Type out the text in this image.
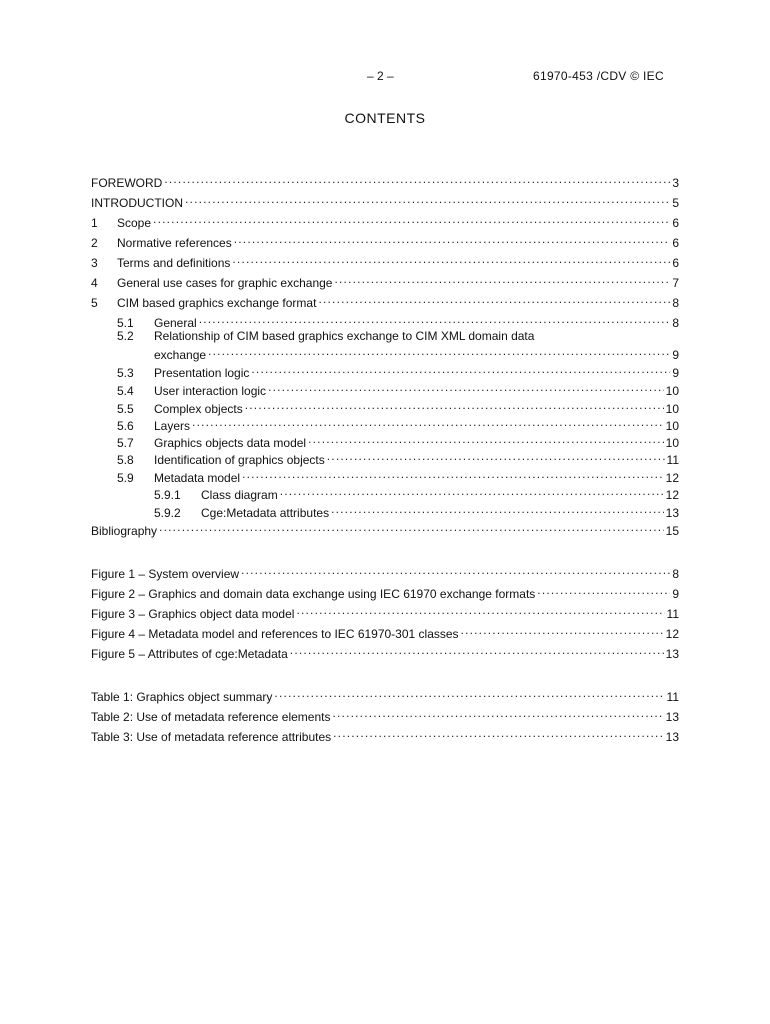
– 2 –	61970-453 /CDV © IEC
CONTENTS
FOREWORD .....	3
INTRODUCTION .....	5
1	Scope .....	6
2	Normative references .....	6
3	Terms and definitions .....	6
4	General use cases for graphic exchange .....	7
5	CIM based graphics exchange format .....	8
5.1	General .....	8
5.2 Relationship of CIM based graphics exchange to CIM XML domain data
exchange .....	9
5.3	Presentation logic .....	9
5.4	User interaction logic .....	10
5.5	Complex objects .....	10
5.6	Layers .....	10
5.7	Graphics objects data model .....	10
5.8	Identification of graphics objects .....	11
5.9	Metadata model .....	12
5.9.1	Class diagram .....	12
5.9.2	Cge:Metadata attributes .....	13
Bibliography .....	15
Figure 1 – System overview .....	8
Figure 2 – Graphics and domain data exchange using IEC 61970 exchange formats .....	9
Figure 3 – Graphics object data model .....	11
Figure 4 – Metadata model and references to IEC 61970-301 classes .....	12
Figure 5 – Attributes of cge:Metadata .....	13
Table 1: Graphics object summary .....	11
Table 2: Use of metadata reference elements .....	13
Table 3: Use of metadata reference attributes .....	13
